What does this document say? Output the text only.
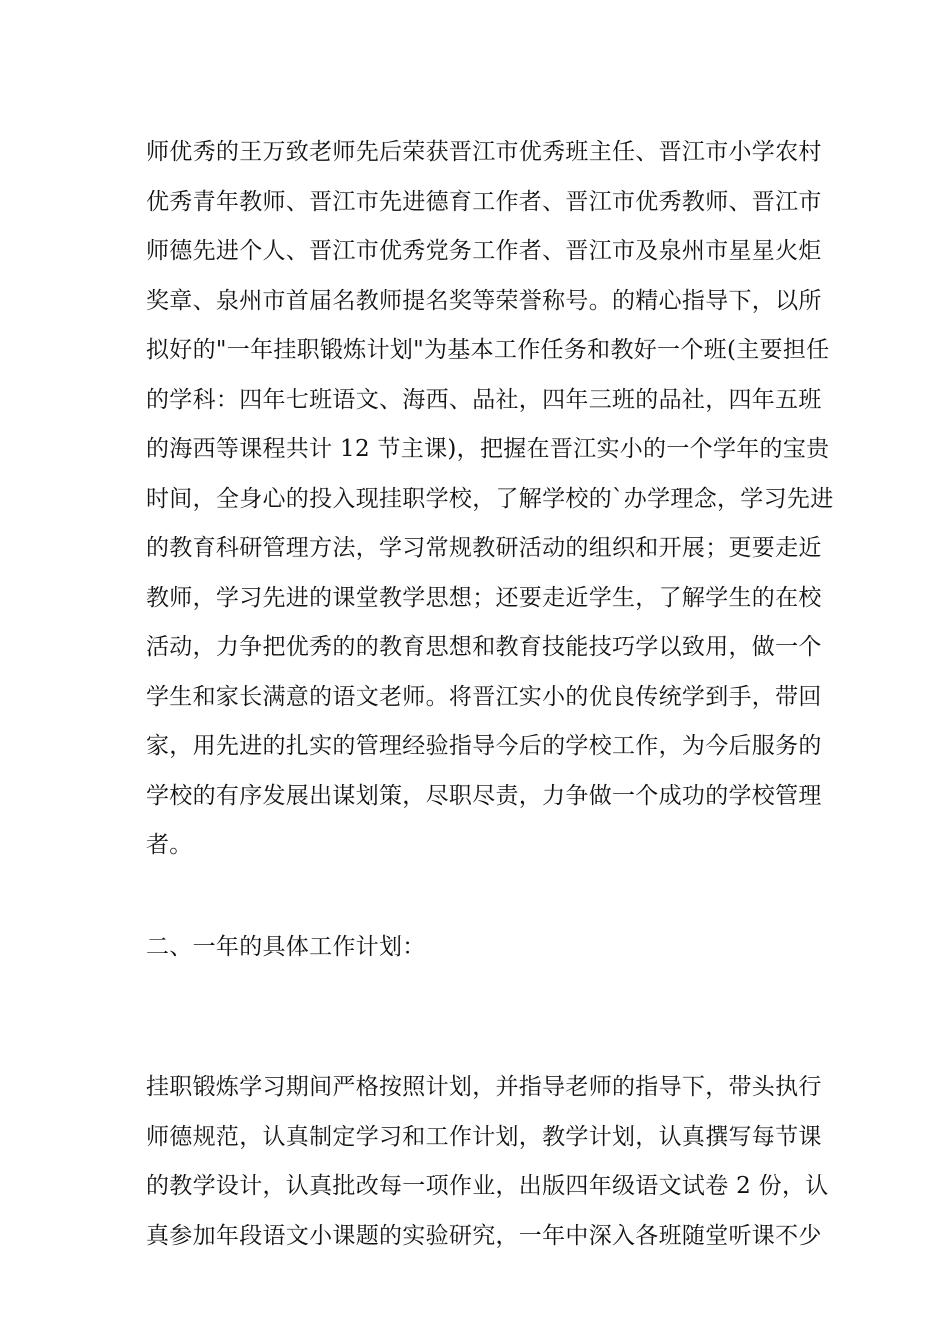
师优秀的王万致老师先后荣获晋江市优秀班主任、晋江市小学农村
优秀青年教师、晋江市先进德育工作者、晋江市优秀教师、晋江市
师德先进个人、晋江市优秀党务工作者、晋江市及泉州市星星火炬
奖章、泉州市首届名教师提名奖等荣誉称号。的精心指导下，以所
拟好的"一年挂职锻炼计划"为基本工作任务和教好一个班(主要担任
的学科：四年七班语文、海西、品社，四年三班的品社，四年五班
的海西等课程共计 12 节主课)，把握在晋江实小的一个学年的宝贵
时间，全身心的投入现挂职学校，了解学校的`办学理念，学习先进
的教育科研管理方法，学习常规教研活动的组织和开展；更要走近
教师，学习先进的课堂教学思想；还要走近学生，了解学生的在校
活动，力争把优秀的的教育思想和教育技能技巧学以致用，做一个
学生和家长满意的语文老师。将晋江实小的优良传统学到手，带回
家，用先进的扎实的管理经验指导今后的学校工作，为今后服务的
学校的有序发展出谋划策，尽职尽责，力争做一个成功的学校管理
者。
二、一年的具体工作计划：
挂职锻炼学习期间严格按照计划，并指导老师的指导下，带头执行
师德规范，认真制定学习和工作计划，教学计划，认真撰写每节课
的教学设计，认真批改每一项作业，出版四年级语文试卷 2 份，认
真参加年段语文小课题的实验研究，一年中深入各班随堂听课不少
